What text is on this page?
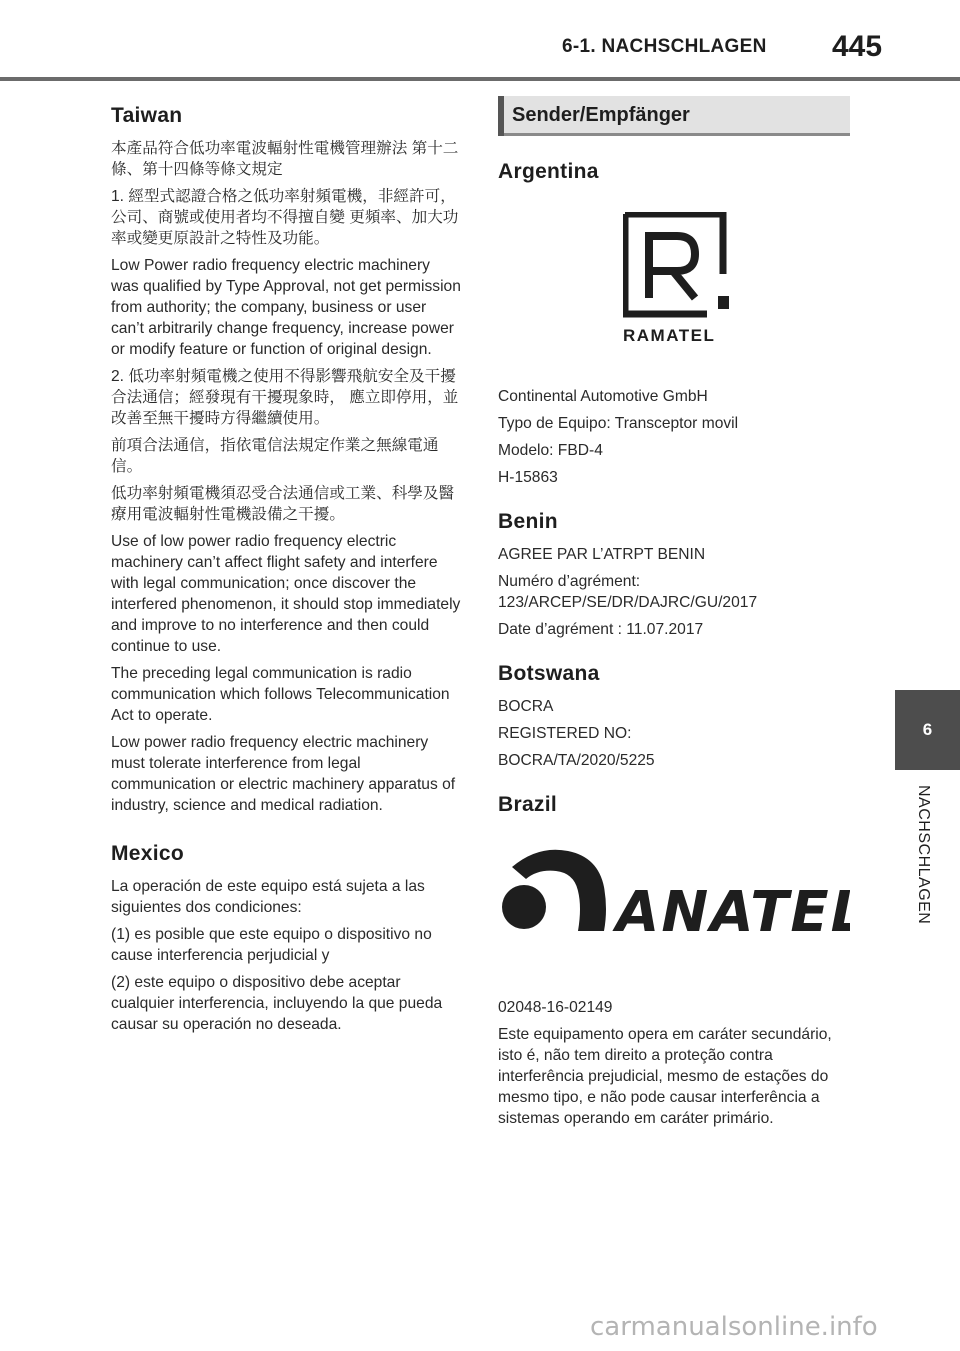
6-1. NACHSCHLAGEN 445
Taiwan

本產品符合低功率電波輻射性電機管理辦法 第十二條、第十四條等條文規定

1. 經型式認證合格之低功率射頻電機，非經許可，公司、商號或使用者均不得擅自變 更頻率、加大功率或變更原設計之特性及功能。

Low Power radio frequency electric machinery was qualified by Type Approval, not get permission from authority; the company, business or user can’t arbitrarily change frequency, increase power or modify feature or function of original design.

2. 低功率射頻電機之使用不得影響飛航安全及干擾合法通信；經發現有干擾現象時， 應立即停用，並改善至無干擾時方得繼續使用。

前項合法通信，指依電信法規定作業之無線電通信。

低功率射頻電機須忍受合法通信或工業、科學及醫療用電波輻射性電機設備之干擾。

Use of low power radio frequency electric machinery can’t affect flight safety and interfere with legal communication; once discover the interfered phenomenon, it should stop immediately and improve to no interference and then could continue to use.

The preceding legal communication is radio communication which follows Telecommunication Act to operate.

Low power radio frequency electric machinery must tolerate interference from legal communication or electric machinery apparatus of industry, science and medical radiation.

Mexico

La operación de este equipo está sujeta a las siguientes dos condiciones:

(1) es posible que este equipo o dispositivo no cause interferencia perjudicial y

(2) este equipo o dispositivo debe aceptar cualquier interferencia, incluyendo la que pueda causar su operación no deseada.

Sender/Empfänger
Argentina
RAMATEL

Continental Automotive GmbH

Typo de Equipo: Transceptor movil

Modelo: FBD-4

H-15863

Benin

AGREE PAR L’ATRPT BENIN

Numéro d’agrément: 123/ARCEP/SE/DR/DAJRC/GU/2017

Date d’agrément : 11.07.2017

Botswana

BOCRA

REGISTERED NO:

BOCRA/TA/2020/5225

Brazil
ANATEL

02048-16-02149

Este equipamento opera em caráter secundário, isto é, não tem direito a proteção contra interferência prejudicial, mesmo de estações do mesmo tipo, e não pode causar interferência a sistemas operando em caráter primário.

6
NACHSCHLAGEN
carmanualsonline.info
